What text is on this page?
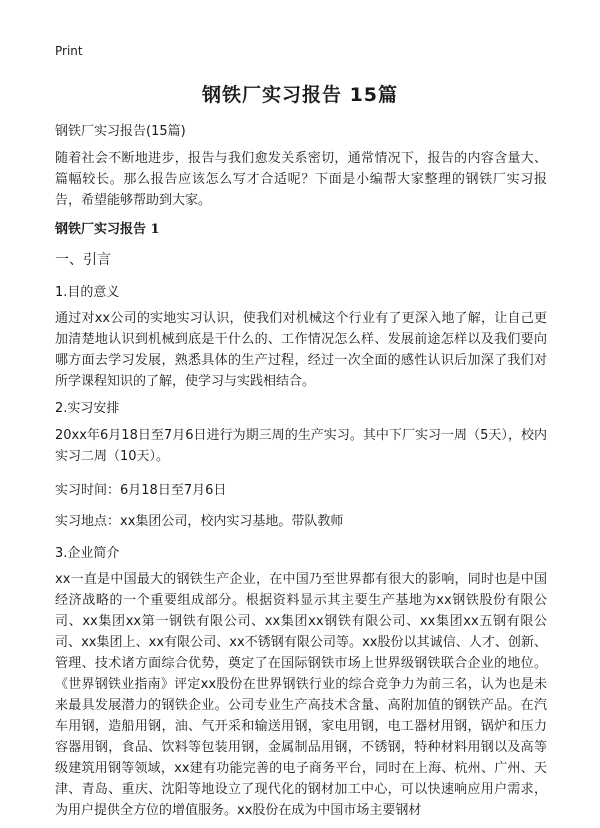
Print
钢铁厂实习报告 15篇
钢铁厂实习报告(15篇)

随着社会不断地进步，报告与我们愈发关系密切，通常情况下，报告的内容含量大、篇幅较长。那么报告应该怎么写才合适呢？下面是小编帮大家整理的钢铁厂实习报告，希望能够帮助到大家。

钢铁厂实习报告 1
一、引言
1.目的意义

通过对xx公司的实地实习认识，使我们对机械这个行业有了更深入地了解，让自己更加清楚地认识到机械到底是干什么的、工作情况怎么样、发展前途怎样以及我们要向哪方面去学习发展，熟悉具体的生产过程，经过一次全面的感性认识后加深了我们对所学课程知识的了解，使学习与实践相结合。

2.实习安排

20xx年6月18日至7月6日进行为期三周的生产实习。其中下厂实习一周（5天），校内实习二周（10天）。

实习时间：6月18日至7月6日
实习地点：xx集团公司，校内实习基地。带队教师
3.企业简介

xx一直是中国最大的钢铁生产企业，在中国乃至世界都有很大的影响，同时也是中国经济战略的一个重要组成部分。根据资料显示其主要生产基地为xx钢铁股份有限公司、xx集团xx第一钢铁有限公司、xx集团xx钢铁有限公司、xx集团xx五钢有限公司、xx集团上、xx有限公司、xx不锈钢有限公司等。xx股份以其诚信、人才、创新、管理、技术诸方面综合优势，奠定了在国际钢铁市场上世界级钢铁联合企业的地位。《世界钢铁业指南》评定xx股份在世界钢铁行业的综合竞争力为前三名，认为也是未来最具发展潜力的钢铁企业。公司专业生产高技术含量、高附加值的钢铁产品。在汽车用钢，造船用钢，油、气开采和输送用钢，家电用钢，电工器材用钢，锅炉和压力容器用钢，食品、饮料等包装用钢，金属制品用钢，不锈钢，特种材料用钢以及高等级建筑用钢等领域，xx建有功能完善的电子商务平台，同时在上海、杭州、广州、天津、青岛、重庆、沈阳等地设立了现代化的钢材加工中心，可以快速响应用户需求，为用户提供全方位的增值服务。xx股份在成为中国市场主要钢材
